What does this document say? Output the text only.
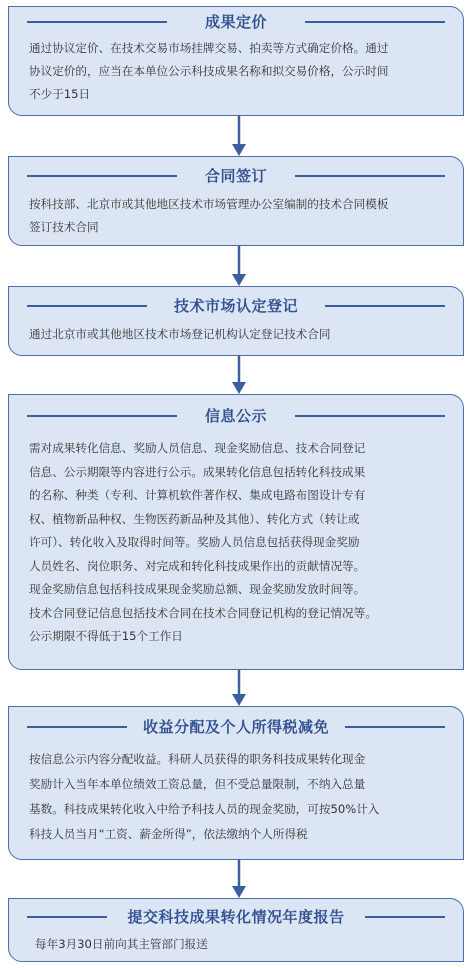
成果定价
通过协议定价、在技术交易市场挂牌交易、拍卖等方式确定价格。通过
协议定价的，应当在本单位公示科技成果名称和拟交易价格，公示时间
不少于15日
合同签订
按科技部、北京市或其他地区技术市场管理办公室编制的技术合同模板
签订技术合同
技术市场认定登记
通过北京市或其他地区技术市场登记机构认定登记技术合同
信息公示
需对成果转化信息、奖励人员信息、现金奖励信息、技术合同登记
信息、公示期限等内容进行公示。成果转化信息包括转化科技成果
的名称、种类（专利、计算机软件著作权、集成电路布图设计专有
权、植物新品种权、生物医药新品种及其他）、转化方式（转让或
许可）、转化收入及取得时间等。奖励人员信息包括获得现金奖励
人员姓名、岗位职务、对完成和转化科技成果作出的贡献情况等。
现金奖励信息包括科技成果现金奖励总额、现金奖励发放时间等。
技术合同登记信息包括技术合同在技术合同登记机构的登记情况等。
公示期限不得低于15个工作日
收益分配及个人所得税减免
按信息公示内容分配收益。科研人员获得的职务科技成果转化现金
奖励计入当年本单位绩效工资总量，但不受总量限制，不纳入总量
基数。科技成果转化收入中给予科技人员的现金奖励，可按50%计入
科技人员当月“工资、薪金所得”，依法缴纳个人所得税
提交科技成果转化情况年度报告
每年3月30日前向其主管部门报送
